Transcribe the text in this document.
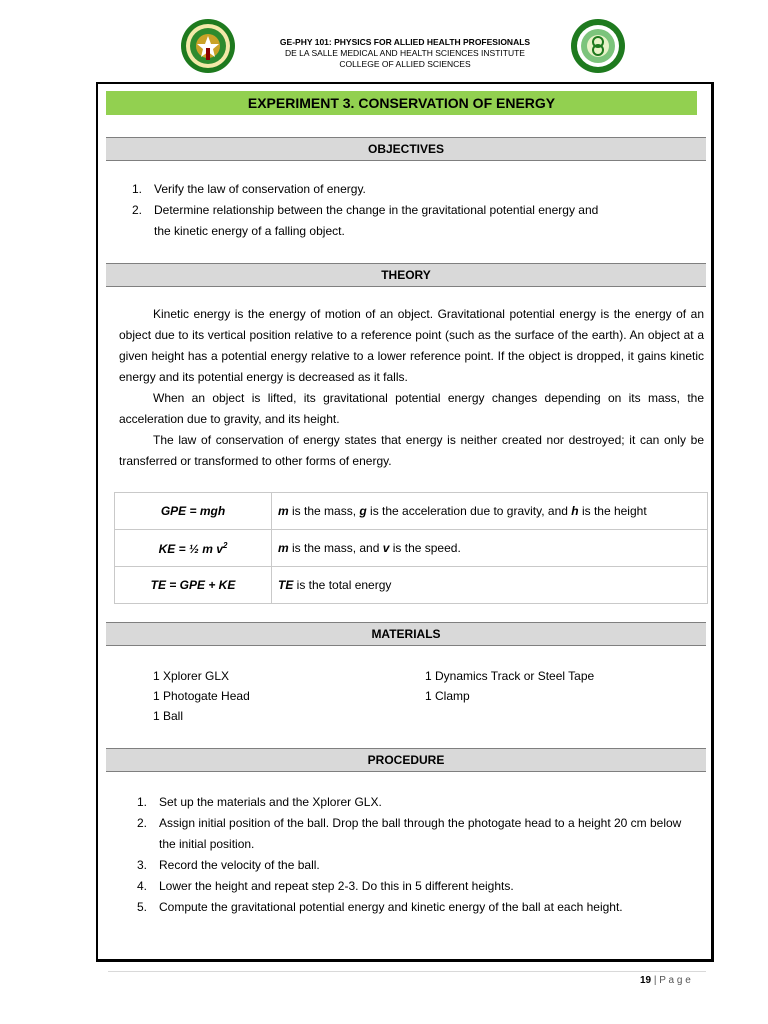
GE-PHY 101: PHYSICS FOR ALLIED HEALTH PROFESIONALS
DE LA SALLE MEDICAL AND HEALTH SCIENCES INSTITUTE
COLLEGE OF ALLIED SCIENCES
EXPERIMENT 3. CONSERVATION OF ENERGY
OBJECTIVES
1. Verify the law of conservation of energy.
2. Determine relationship between the change in the gravitational potential energy and
the kinetic energy of a falling object.
THEORY

Kinetic energy is the energy of motion of an object. Gravitational potential energy is the energy of an object due to its vertical position relative to a reference point (such as the surface of the earth). An object at a given height has a potential energy relative to a lower reference point. If the object is dropped, it gains kinetic energy and its potential energy is decreased as it falls.

When an object is lifted, its gravitational potential energy changes depending on its mass, the acceleration due to gravity, and its height.

The law of conservation of energy states that energy is neither created nor destroyed; it can only be transferred or transformed to other forms of energy.

GPE = mgh	m is the mass, g is the acceleration due to gravity, and h is the height
KE = ½ m $v^2$	m is the mass, and v is the speed.
TE = GPE + KE	TE is the total energy
MATERIALS
1 Xplorer GLX
1 Photogate Head
1 Ball
1 Dynamics Track or Steel Tape
1 Clamp
PROCEDURE
1. Set up the materials and the Xplorer GLX.
2. Assign initial position of the ball. Drop the ball through the photogate head to a height 20 cm below
the initial position.
3. Record the velocity of the ball.
4. Lower the height and repeat step 2-3. Do this in 5 different heights.
5. Compute the gravitational potential energy and kinetic energy of the ball at each height.
19 | P a g e
